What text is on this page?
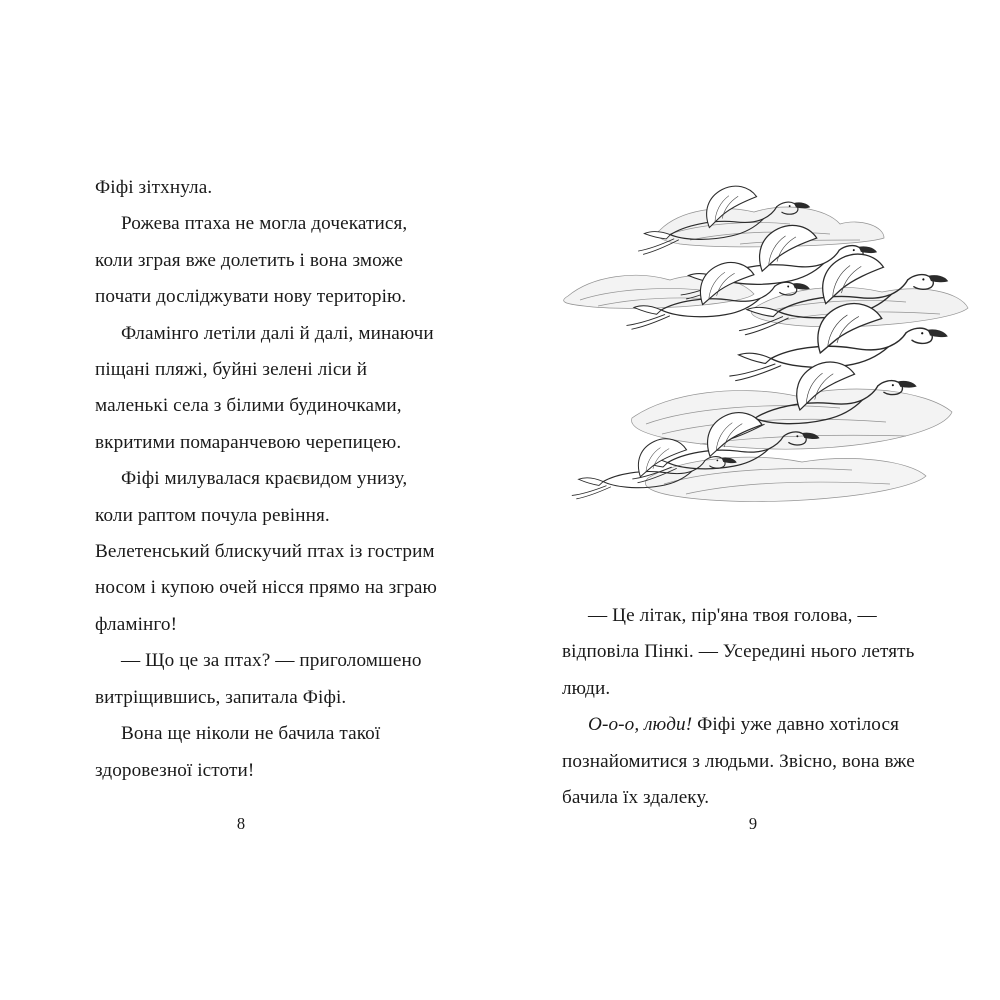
Фіфі зітхнула.

Рожева птаха не могла дочекатися, коли зграя вже долетить і вона зможе почати досліджувати нову територію.

Фламінго летіли далі й далі, минаючи піщані пляжі, буйні зелені ліси й маленькі села з білими будиночками, вкритими помаранчевою черепицею.

Фіфі милувалася краєвидом унизу, коли раптом почула ревіння. Велетенський блискучий птах із гострим носом і купою очей нісся прямо на зграю фламінго!

— Що це за птах? — приголомшено витріщившись, запитала Фіфі.

Вона ще ніколи не бачила такої здоровезної істоти!

8

— Це літак, пір'яна твоя голова, — відповіла Пінкі. — Усередині нього летять люди.

О-о-о, люди! Фіфі уже давно хотілося познайомитися з людьми. Звісно, вона вже бачила їх здалеку.

9
